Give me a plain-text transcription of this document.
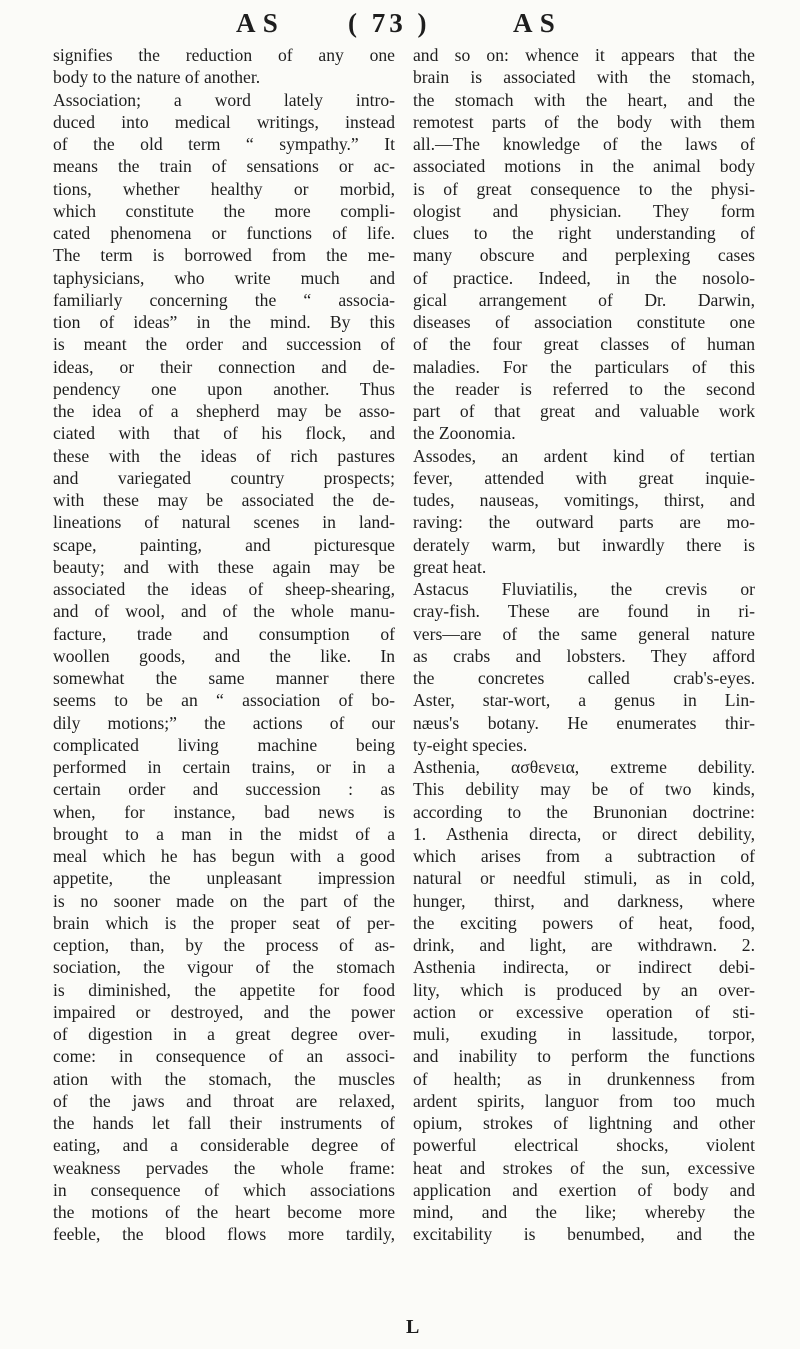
A S	( 73 )	A S
signifies the reduction of any one
body to the nature of another.
Association; a word lately intro-
duced into medical writings, instead
of the old term “ sympathy.” It
means the train of sensations or ac-
tions, whether healthy or morbid,
which constitute the more compli-
cated phenomena or functions of life.
The term is borrowed from the me-
taphysicians, who write much and
familiarly concerning the “ associa-
tion of ideas” in the mind. By this
is meant the order and succession of
ideas, or their connection and de-
pendency one upon another. Thus
the idea of a shepherd may be asso-
ciated with that of his flock, and
these with the ideas of rich pastures
and variegated country prospects;
with these may be associated the de-
lineations of natural scenes in land-
scape, painting, and picturesque
beauty; and with these again may be
associated the ideas of sheep-shearing,
and of wool, and of the whole manu-
facture, trade and consumption of
woollen goods, and the like. In
somewhat the same manner there
seems to be an “ association of bo-
dily motions;” the actions of our
complicated living machine being
performed in certain trains, or in a
certain order and succession : as
when, for instance, bad news is
brought to a man in the midst of a
meal which he has begun with a good
appetite, the unpleasant impression
is no sooner made on the part of the
brain which is the proper seat of per-
ception, than, by the process of as-
sociation, the vigour of the stomach
is diminished, the appetite for food
impaired or destroyed, and the power
of digestion in a great degree over-
come: in consequence of an associ-
ation with the stomach, the muscles
of the jaws and throat are relaxed,
the hands let fall their instruments of
eating, and a considerable degree of
weakness pervades the whole frame:
in consequence of which associations
the motions of the heart become more
feeble, the blood flows more tardily,
and so on: whence it appears that the
brain is associated with the stomach,
the stomach with the heart, and the
remotest parts of the body with them
all.—The knowledge of the laws of
associated motions in the animal body
is of great consequence to the physi-
ologist and physician. They form
clues to the right understanding of
many obscure and perplexing cases
of practice. Indeed, in the nosolo-
gical arrangement of Dr. Darwin,
diseases of association constitute one
of the four great classes of human
maladies. For the particulars of this
the reader is referred to the second
part of that great and valuable work
the Zoonomia.
Assodes, an ardent kind of tertian
fever, attended with great inquie-
tudes, nauseas, vomitings, thirst, and
raving: the outward parts are mo-
derately warm, but inwardly there is
great heat.
Astacus Fluviatilis, the crevis or
cray-fish. These are found in ri-
vers—are of the same general nature
as crabs and lobsters. They afford
the concretes called crab's-eyes.
Aster, star-wort, a genus in Lin-
næus's botany. He enumerates thir-
ty-eight species.
Asthenia, ασθενεια, extreme debility.
This debility may be of two kinds,
according to the Brunonian doctrine:
1. Asthenia directa, or direct debility,
which arises from a subtraction of
natural or needful stimuli, as in cold,
hunger, thirst, and darkness, where
the exciting powers of heat, food,
drink, and light, are withdrawn. 2.
Asthenia indirecta, or indirect debi-
lity, which is produced by an over-
action or excessive operation of sti-
muli, exuding in lassitude, torpor,
and inability to perform the functions
of health; as in drunkenness from
ardent spirits, languor from too much
opium, strokes of lightning and other
powerful electrical shocks, violent
heat and strokes of the sun, excessive
application and exertion of body and
mind, and the like; whereby the
excitability is benumbed, and the
L
